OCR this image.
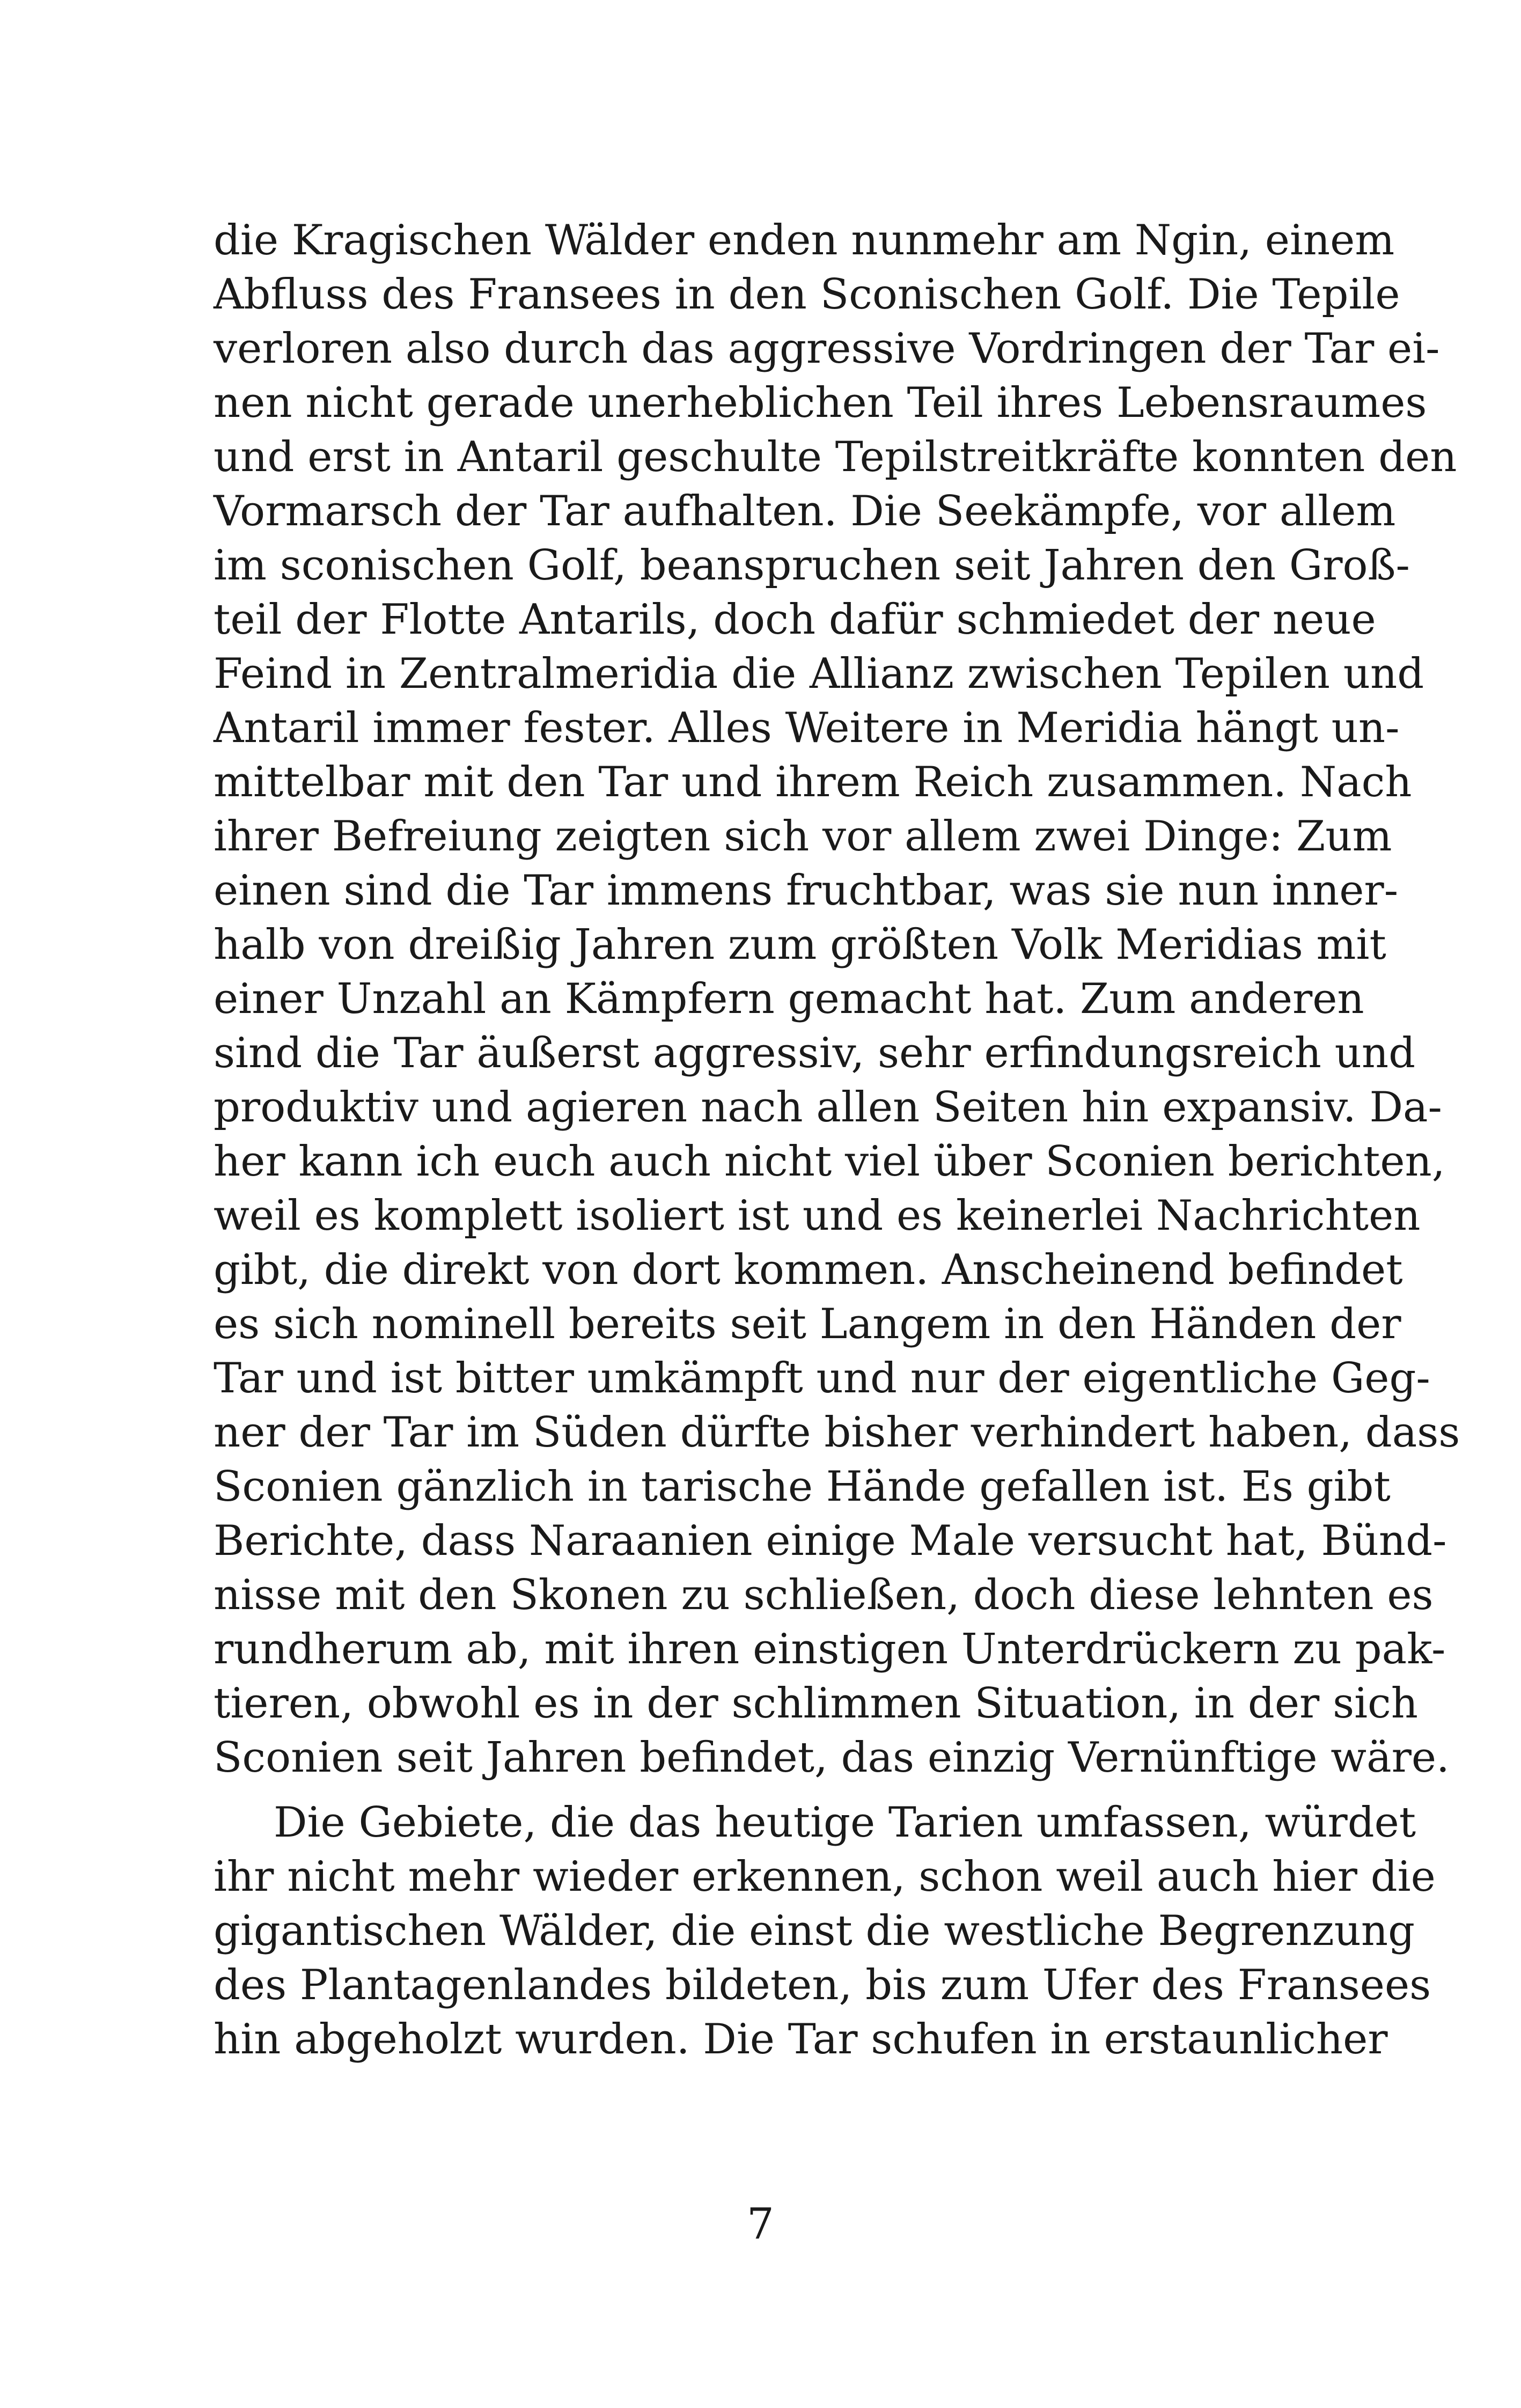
die Kragischen Wälder enden nunmehr am Ngin, einem
Abfluss des Fransees in den Sconischen Golf. Die Tepile
verloren also durch das aggressive Vordringen der Tar ei-
nen nicht gerade unerheblichen Teil ihres Lebensraumes
und erst in Antaril geschulte Tepilstreitkräfte konnten den
Vormarsch der Tar aufhalten. Die Seekämpfe, vor allem
im sconischen Golf, beanspruchen seit Jahren den Groß-
teil der Flotte Antarils, doch dafür schmiedet der neue
Feind in Zentralmeridia die Allianz zwischen Tepilen und
Antaril immer fester. Alles Weitere in Meridia hängt un-
mittelbar mit den Tar und ihrem Reich zusammen. Nach
ihrer Befreiung zeigten sich vor allem zwei Dinge: Zum
einen sind die Tar immens fruchtbar, was sie nun inner-
halb von dreißig Jahren zum größten Volk Meridias mit
einer Unzahl an Kämpfern gemacht hat. Zum anderen
sind die Tar äußerst aggressiv, sehr erfindungsreich und
produktiv und agieren nach allen Seiten hin expansiv. Da-
her kann ich euch auch nicht viel über Sconien berichten,
weil es komplett isoliert ist und es keinerlei Nachrichten
gibt, die direkt von dort kommen. Anscheinend befindet
es sich nominell bereits seit Langem in den Händen der
Tar und ist bitter umkämpft und nur der eigentliche Geg-
ner der Tar im Süden dürfte bisher verhindert haben, dass
Sconien gänzlich in tarische Hände gefallen ist. Es gibt
Berichte, dass Naraanien einige Male versucht hat, Bünd-
nisse mit den Skonen zu schließen, doch diese lehnten es
rundherum ab, mit ihren einstigen Unterdrückern zu pak-
tieren, obwohl es in der schlimmen Situation, in der sich
Sconien seit Jahren befindet, das einzig Vernünftige wäre.
Die Gebiete, die das heutige Tarien umfassen, würdet
ihr nicht mehr wieder erkennen, schon weil auch hier die
gigantischen Wälder, die einst die westliche Begrenzung
des Plantagenlandes bildeten, bis zum Ufer des Fransees
hin abgeholzt wurden. Die Tar schufen in erstaunlicher
7
